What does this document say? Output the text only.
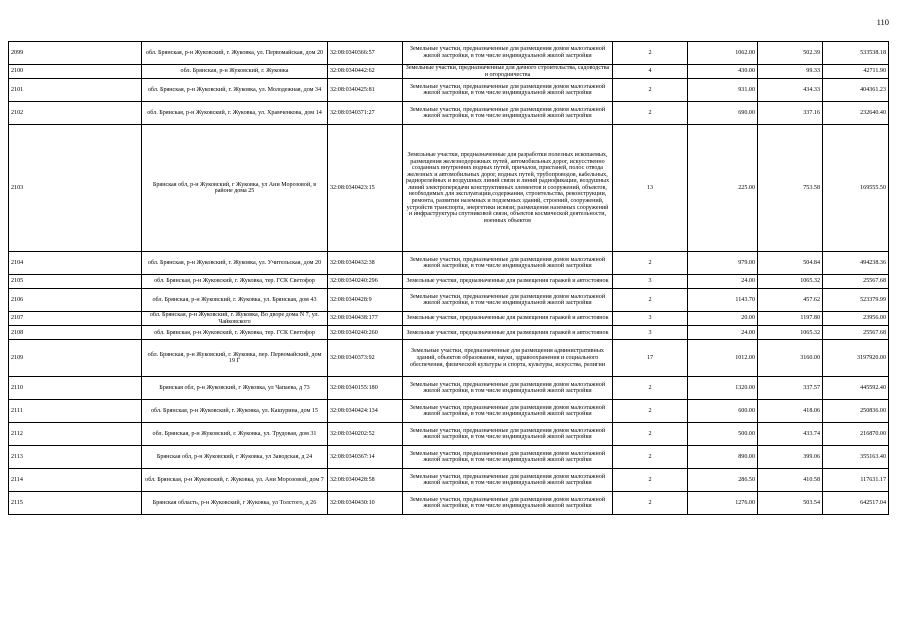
110
2099	обл. Брянская, р-н Жуковский, г. Жуковка, ул. Первомайская, дом 20	32:08:0340366:57	Земельные участки, предназначенные для размещения домов малоэтажной жилой застройки, в том числе индивидуальной жилой застройки	2	1062.00	502.39	533538.18
2100	обл. Брянская, р-н Жуковский, г. Жуковка	32:08:0340442:62	Земельные участки, предназначенные для дачного строительства, садоводства и огородничества	4	430.00	99.33	42711.90
2101	обл. Брянская, р-н Жуковский, г. Жуковка, ул. Молодежная, дом 34	32:08:0340425:81	Земельные участки, предназначенные для размещения домов малоэтажной жилой застройки, в том числе индивидуальной жилой застройки	2	931.00	434.33	404361.23
2102	обл. Брянская, р-н Жуковский, г. Жуковка, ул. Храмченкова, дом 14	32:08:0340371:27	Земельные участки, предназначенные для размещения домов малоэтажной жилой застройки, в том числе индивидуальной жилой застройки	2	690.00	337.16	232640.40
2103	Брянская обл, р-н Жуковский, г Жуковка, ул Ани Морозовой, в районе дома 25	32:08:0340423:15	Земельные участки, предназначенные для разработки полезных ископаемых, размещения железнодорожных путей, автомобильных дорог, искусственно созданных внутренних водных путей, причалов, пристаней, полос отвода железных и автомобильных дорог, водных путей, трубопроводов, кабельных, радиорелейных и воздушных линий связи и линий радиофикации, воздушных линий электропередачи конструктивных элементов и сооружений, объектов, необходимых для эксплуатации,содержания, строительства, реконструкции, ремонта, развития наземных и подземных зданий, строений, сооружений, устройств транспорта, энергетики исвязи; размещения наземных сооружений и инфраструктуры спутниковой связи, объектов космической деятельности, военных объектов	13	225.00	753.58	169555.50
2104	обл. Брянская, р-н Жуковский, г. Жуковка, ул. Учительская, дом 20	32:08:0340432:38	Земельные участки, предназначенные для размещения домов малоэтажной жилой застройки, в том числе индивидуальной жилой застройки	2	979.00	504.84	494238.36
2105	обл. Брянская, р-н Жуковский, г. Жуковка, тер. ГСК Светофор	32:08:0340240:296	Земельные участки, предназначенные для размещения гаражей и автостоянок	3	24.00	1065.32	25567.68
2106	обл. Брянская, р-н Жуковский, г. Жуковка, ул. Брянская, дом 43	32:08:0340428:9	Земельные участки, предназначенные для размещения домов малоэтажной жилой застройки, в том числе индивидуальной жилой застройки	2	1143.70	457.62	523379.99
2107	обл. Брянская, р-н Жуковский, г. Жуковка, Во дворе дома N 7, ул. Чайковского	32:08:0340438:177	Земельные участки, предназначенные для размещения гаражей и автостоянок	3	20.00	1197.80	23956.00
2108	обл. Брянская, р-н Жуковский, г. Жуковка, тер. ГСК Светофор	32:08:0340240:260	Земельные участки, предназначенные для размещения гаражей и автостоянок	3	24.00	1065.32	25567.68
2109	обл. Брянская, р-н Жуковский, г. Жуковка, пер. Первомайский, дом 19 Г	32:08:0340373:92	Земельные участки, предназначенные для размещения административных зданий, объектов образования, науки, здравоохранения и социального обеспечения, физической культуры и спорта, культуры, искусства, религии	17	1012.00	3160.00	3197920.00
2110	Брянская обл, р-н Жуковский, г Жуковка, ул Чапаева, д 73	32:08:0340155:180	Земельные участки, предназначенные для размещения домов малоэтажной жилой застройки, в том числе индивидуальной жилой застройки	2	1320.00	337.57	445592.40
2111	обл. Брянская, р-н Жуковский, г. Жуковка, ул. Кашурина, дом 15	32:08:0340424:134	Земельные участки, предназначенные для размещения домов малоэтажной жилой застройки, в том числе индивидуальной жилой застройки	2	600.00	418.06	250836.00
2112	обл. Брянская, р-н Жуковский, г. Жуковка, ул. Трудовая, дом 31	32:08:0340202:52	Земельные участки, предназначенные для размещения домов малоэтажной жилой застройки, в том числе индивидуальной жилой застройки	2	500.00	433.74	216870.00
2113	Брянская обл, р-н Жуковский, г Жуковка, ул Заводская, д 24	32:08:0340367:14	Земельные участки, предназначенные для размещения домов малоэтажной жилой застройки, в том числе индивидуальной жилой застройки	2	890.00	399.06	355163.40
2114	обл. Брянская, р-н Жуковский, г. Жуковка, ул. Ани Морозовой, дом 7	32:08:0340428:58	Земельные участки, предназначенные для размещения домов малоэтажной жилой застройки, в том числе индивидуальной жилой застройки	2	286.50	410.58	117631.17
2115	Брянская область, р-н Жуковский, г Жуковка, ул Толстого, д 26	32:08:0340430:10	Земельные участки, предназначенные для размещения домов малоэтажной жилой застройки, в том числе индивидуальной жилой застройки	2	1276.00	503.54	642517.04
